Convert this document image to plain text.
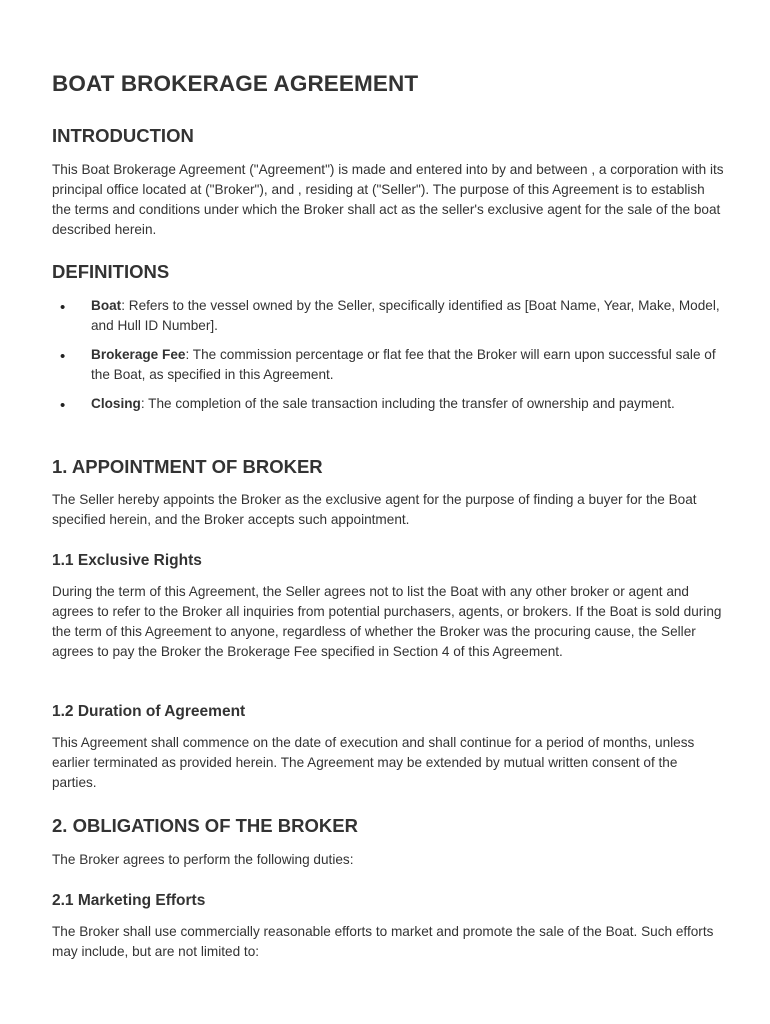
BOAT BROKERAGE AGREEMENT
INTRODUCTION

This Boat Brokerage Agreement ("Agreement") is made and entered into by and between , a corporation with its principal office located at ("Broker"), and , residing at ("Seller"). The purpose of this Agreement is to establish the terms and conditions under which the Broker shall act as the seller's exclusive agent for the sale of the boat described herein.

DEFINITIONS
• Boat: Refers to the vessel owned by the Seller, specifically identified as [Boat Name, Year, Make, Model, and Hull ID Number].
• Brokerage Fee: The commission percentage or flat fee that the Broker will earn upon successful sale of the Boat, as specified in this Agreement.
• Closing: The completion of the sale transaction including the transfer of ownership and payment.
1. APPOINTMENT OF BROKER

The Seller hereby appoints the Broker as the exclusive agent for the purpose of finding a buyer for the Boat specified herein, and the Broker accepts such appointment.

1.1 Exclusive Rights

During the term of this Agreement, the Seller agrees not to list the Boat with any other broker or agent and agrees to refer to the Broker all inquiries from potential purchasers, agents, or brokers. If the Boat is sold during the term of this Agreement to anyone, regardless of whether the Broker was the procuring cause, the Seller agrees to pay the Broker the Brokerage Fee specified in Section 4 of this Agreement.

1.2 Duration of Agreement

This Agreement shall commence on the date of execution and shall continue for a period of months, unless earlier terminated as provided herein. The Agreement may be extended by mutual written consent of the parties.

2. OBLIGATIONS OF THE BROKER

The Broker agrees to perform the following duties:

2.1 Marketing Efforts

The Broker shall use commercially reasonable efforts to market and promote the sale of the Boat. Such efforts may include, but are not limited to:
